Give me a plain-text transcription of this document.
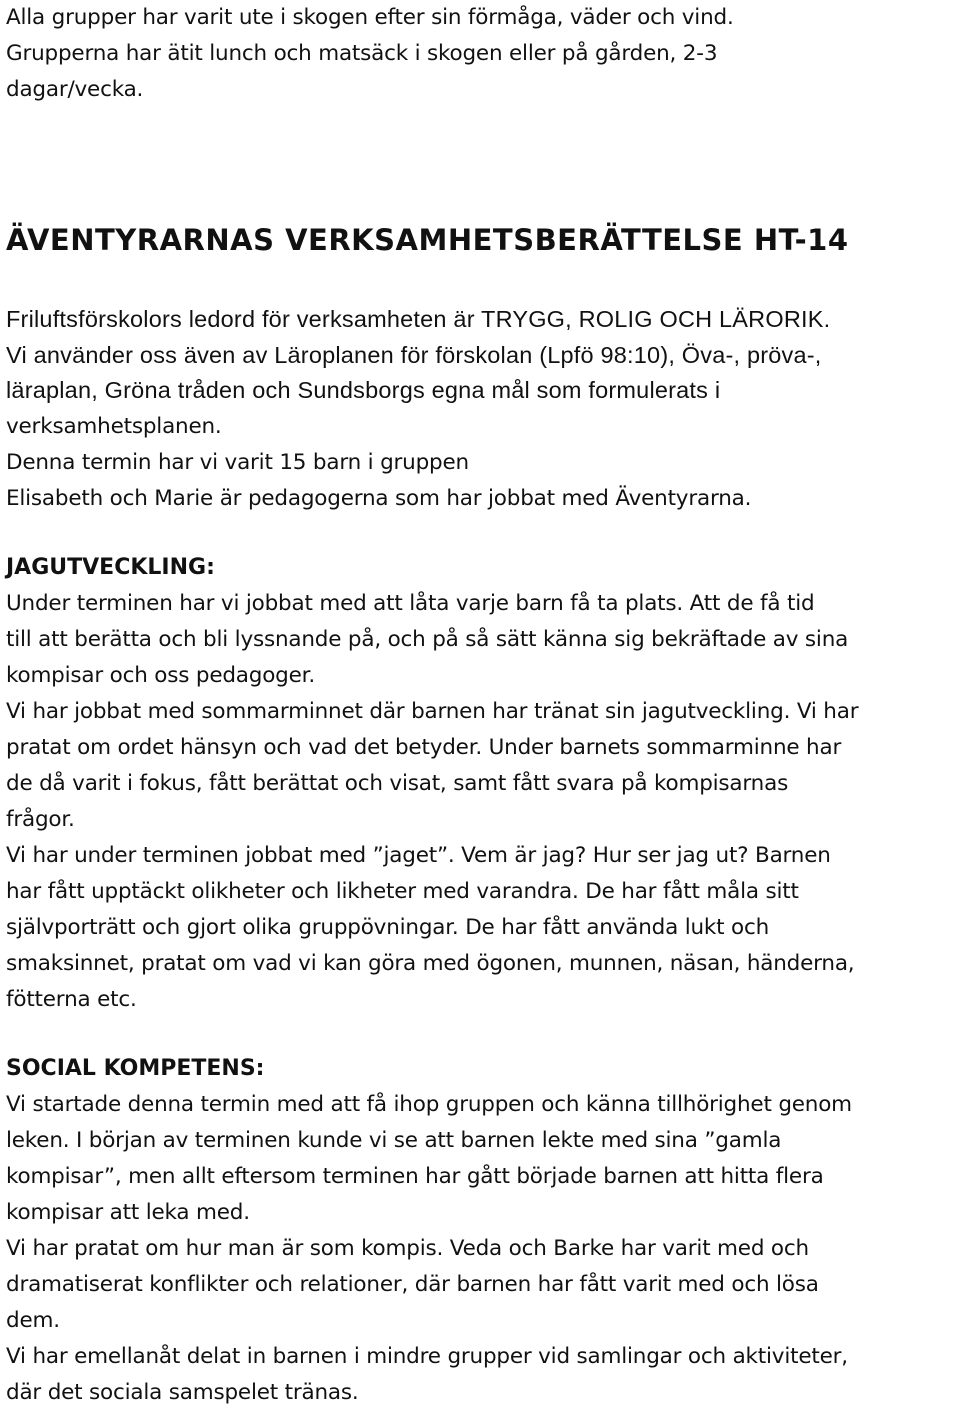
Alla grupper har varit ute i skogen efter sin förmåga, väder och vind.

Grupperna har ätit lunch och matsäck i skogen eller på gården, 2-3

dagar/vecka.

ÄVENTYRARNAS VERKSAMHETSBERÄTTELSE HT-14

Friluftsförskolors ledord för verksamheten är TRYGG, ROLIG OCH LÄRORIK.

Vi använder oss även av Läroplanen för förskolan (Lpfö 98:10), Öva-, pröva-,

läraplan, Gröna tråden och Sundsborgs egna mål som formulerats i

verksamhetsplanen.

Denna termin har vi varit 15 barn i gruppen

Elisabeth och Marie är pedagogerna som har jobbat med Äventyrarna.

JAGUTVECKLING:

Under terminen har vi jobbat med att låta varje barn få ta plats. Att de få tid

till att berätta och bli lyssnande på, och på så sätt känna sig bekräftade av sina

kompisar och oss pedagoger.

Vi har jobbat med sommarminnet där barnen har tränat sin jagutveckling. Vi har

pratat om ordet hänsyn och vad det betyder. Under barnets sommarminne har

de då varit i fokus, fått berättat och visat, samt fått svara på kompisarnas

frågor.

Vi har under terminen jobbat med ”jaget”. Vem är jag? Hur ser jag ut? Barnen

har fått upptäckt olikheter och likheter med varandra. De har fått måla sitt

självporträtt och gjort olika gruppövningar. De har fått använda lukt och

smaksinnet, pratat om vad vi kan göra med ögonen, munnen, näsan, händerna,

fötterna etc.

SOCIAL KOMPETENS:

Vi startade denna termin med att få ihop gruppen och känna tillhörighet genom

leken. I början av terminen kunde vi se att barnen lekte med sina ”gamla

kompisar”, men allt eftersom terminen har gått började barnen att hitta flera

kompisar att leka med.

Vi har pratat om hur man är som kompis. Veda och Barke har varit med och

dramatiserat konflikter och relationer, där barnen har fått varit med och lösa

dem.

Vi har emellanåt delat in barnen i mindre grupper vid samlingar och aktiviteter,

där det sociala samspelet tränas.
